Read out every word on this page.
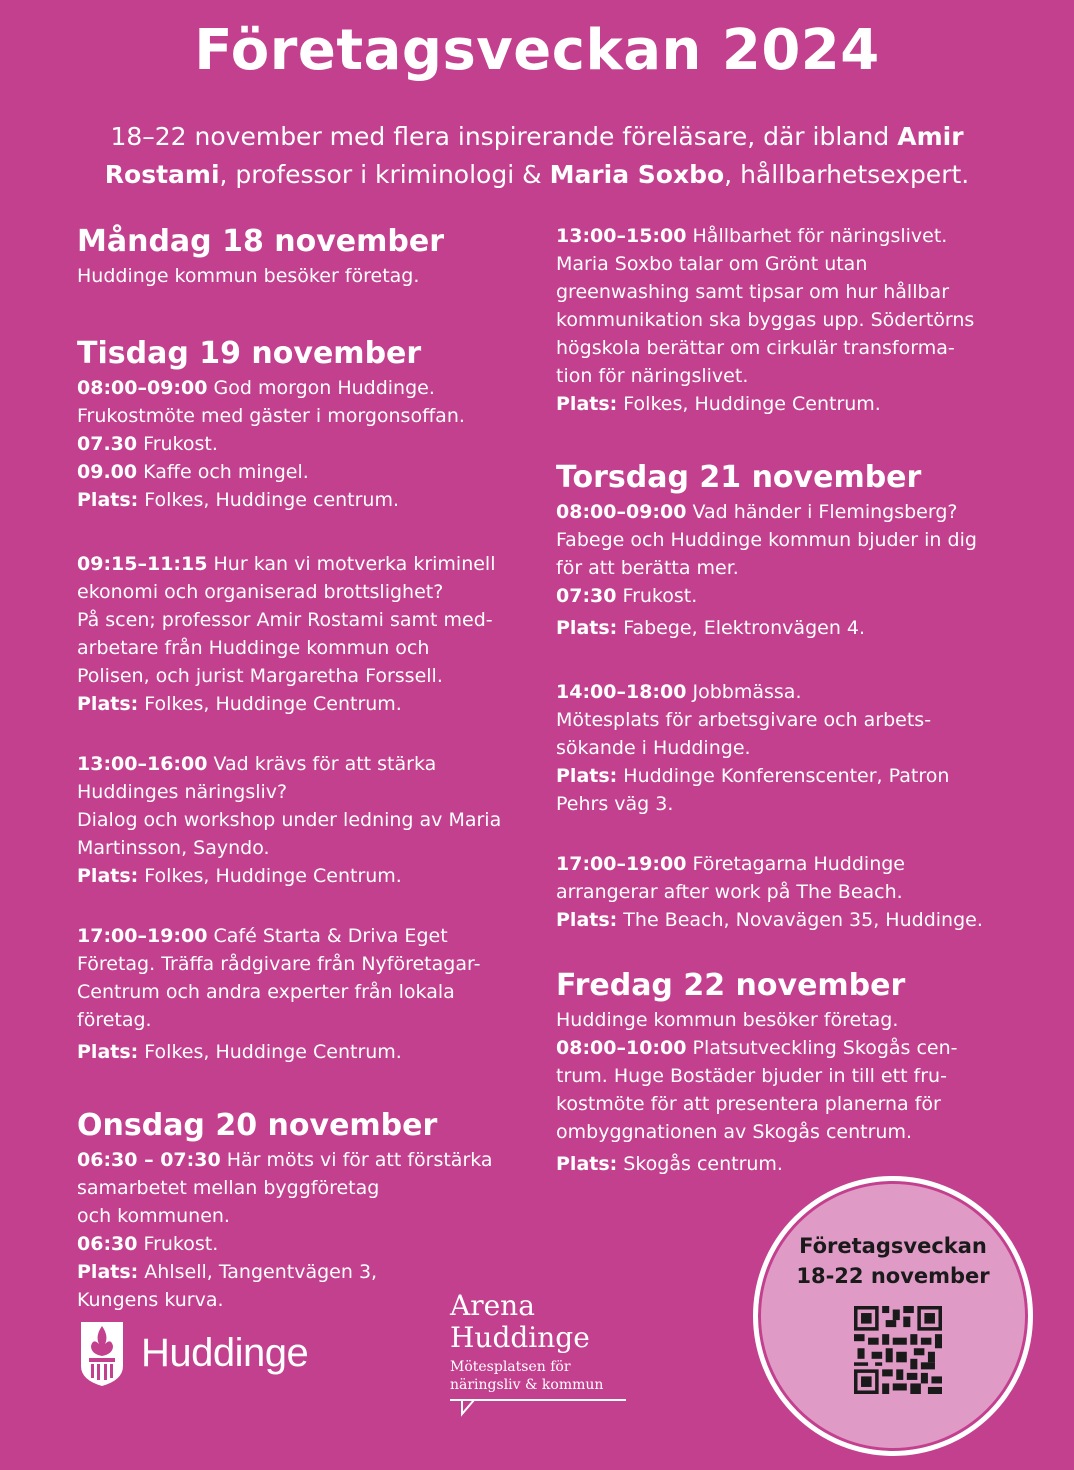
Företagsveckan 2024
18–22 november med flera inspirerande föreläsare, där ibland Amir Rostami, professor i kriminologi & Maria Soxbo, hållbarhetsexpert.
Måndag 18 november
Huddinge kommun besöker företag.
Tisdag 19 november
08:00–09:00 God morgon Huddinge.
Frukostmöte med gäster i morgonsoffan.
07.30 Frukost.
09.00 Kaffe och mingel.
Plats: Folkes, Huddinge centrum.
09:15–11:15 Hur kan vi motverka kriminell
ekonomi och organiserad brottslighet?
På scen; professor Amir Rostami samt med-
arbetare från Huddinge kommun och
Polisen, och jurist Margaretha Forssell.
Plats: Folkes, Huddinge Centrum.
13:00–16:00 Vad krävs för att stärka
Huddinges näringsliv?
Dialog och workshop under ledning av Maria
Martinsson, Sayndo.
Plats: Folkes, Huddinge Centrum.
17:00–19:00 Café Starta & Driva Eget
Företag. Träffa rådgivare från Nyföretagar-
Centrum och andra experter från lokala
företag.
Plats: Folkes, Huddinge Centrum.
Onsdag 20 november
06:30 – 07:30 Här möts vi för att förstärka
samarbetet mellan byggföretag
och kommunen.
06:30 Frukost.
Plats: Ahlsell, Tangentvägen 3,
Kungens kurva.
13:00–15:00 Hållbarhet för näringslivet.
Maria Soxbo talar om Grönt utan
greenwashing samt tipsar om hur hållbar
kommunikation ska byggas upp. Södertörns
högskola berättar om cirkulär transforma-
tion för näringslivet.
Plats: Folkes, Huddinge Centrum.
Torsdag 21 november
08:00–09:00 Vad händer i Flemingsberg?
Fabege och Huddinge kommun bjuder in dig
för att berätta mer.
07:30 Frukost.
Plats: Fabege, Elektronvägen 4.
14:00–18:00 Jobbmässa.
Mötesplats för arbetsgivare och arbets-
sökande i Huddinge.
Plats: Huddinge Konferenscenter, Patron
Pehrs väg 3.
17:00–19:00 Företagarna Huddinge
arrangerar after work på The Beach.
Plats: The Beach, Novavägen 35, Huddinge.
Fredag 22 november
Huddinge kommun besöker företag.
08:00–10:00 Platsutveckling Skogås cen-
trum. Huge Bostäder bjuder in till ett fru-
kostmöte för att presentera planerna för
ombyggnationen av Skogås centrum.
Plats: Skogås centrum.
Huddinge
Arena
Huddinge
Mötesplatsen för
näringsliv & kommun
Företagsveckan
18-22 november
